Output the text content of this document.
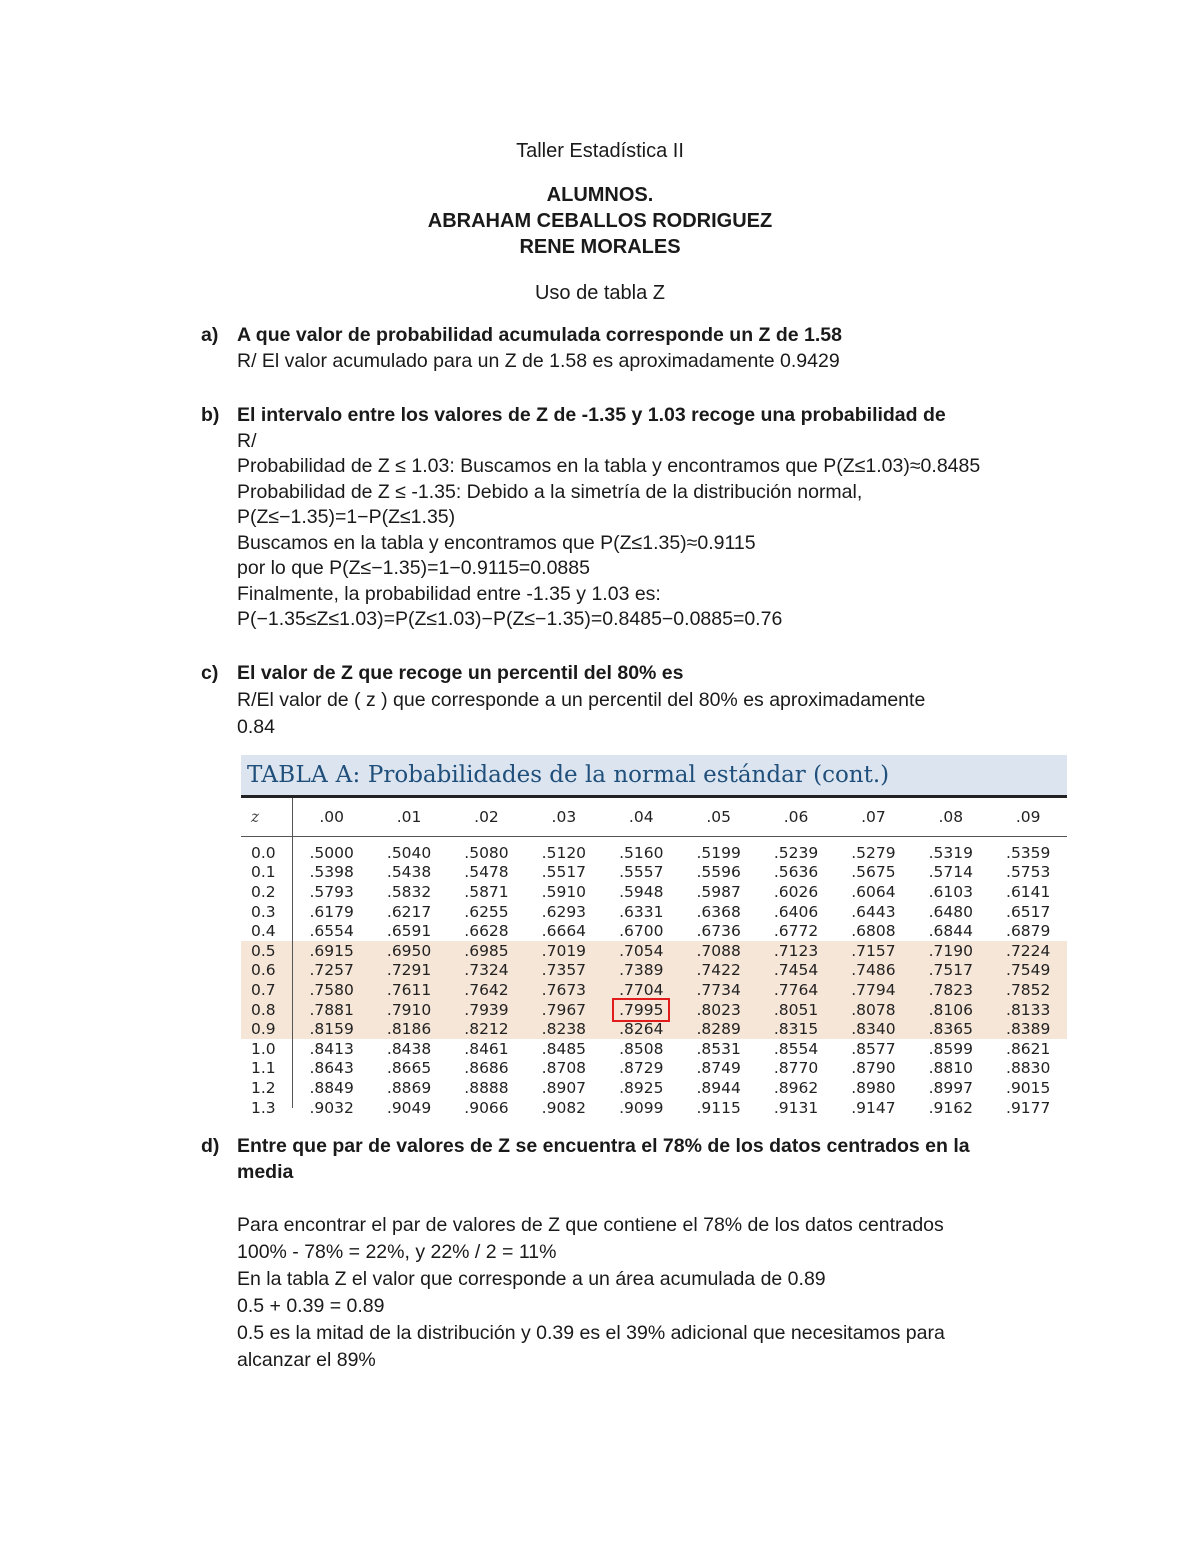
Taller Estadística II
ALUMNOS.
ABRAHAM CEBALLOS RODRIGUEZ
RENE MORALES
Uso de tabla Z
a) A que valor de probabilidad acumulada corresponde un Z de 1.58
R/ El valor acumulado para un Z de 1.58 es aproximadamente 0.9429
b) El intervalo entre los valores de Z de -1.35 y 1.03 recoge una probabilidad de
R/
Probabilidad de Z ≤ 1.03: Buscamos en la tabla y encontramos que P(Z≤1.03)≈0.8485
Probabilidad de Z ≤ -1.35: Debido a la simetría de la distribución normal,
P(Z≤−1.35)=1−P(Z≤1.35)
Buscamos en la tabla y encontramos que P(Z≤1.35)≈0.9115
por lo que P(Z≤−1.35)=1−0.9115=0.0885
Finalmente, la probabilidad entre -1.35 y 1.03 es:
P(−1.35≤Z≤1.03)=P(Z≤1.03)−P(Z≤−1.35)=0.8485−0.0885=0.76
c) El valor de Z que recoge un percentil del 80% es
R/El valor de ( z ) que corresponde a un percentil del 80% es aproximadamente
0.84
TABLA A: Probabilidades de la normal estándar (cont.)
z	.00	.01	.02	.03	.04	.05	.06	.07	.08	.09
0.0	.5000	.5040	.5080	.5120	.5160	.5199	.5239	.5279	.5319	.5359
0.1	.5398	.5438	.5478	.5517	.5557	.5596	.5636	.5675	.5714	.5753
0.2	.5793	.5832	.5871	.5910	.5948	.5987	.6026	.6064	.6103	.6141
0.3	.6179	.6217	.6255	.6293	.6331	.6368	.6406	.6443	.6480	.6517
0.4	.6554	.6591	.6628	.6664	.6700	.6736	.6772	.6808	.6844	.6879
0.5	.6915	.6950	.6985	.7019	.7054	.7088	.7123	.7157	.7190	.7224
0.6	.7257	.7291	.7324	.7357	.7389	.7422	.7454	.7486	.7517	.7549
0.7	.7580	.7611	.7642	.7673	.7704	.7734	.7764	.7794	.7823	.7852
0.8	.7881	.7910	.7939	.7967	.7995	.8023	.8051	.8078	.8106	.8133
0.9	.8159	.8186	.8212	.8238	.8264	.8289	.8315	.8340	.8365	.8389
1.0	.8413	.8438	.8461	.8485	.8508	.8531	.8554	.8577	.8599	.8621
1.1	.8643	.8665	.8686	.8708	.8729	.8749	.8770	.8790	.8810	.8830
1.2	.8849	.8869	.8888	.8907	.8925	.8944	.8962	.8980	.8997	.9015
1.3	.9032	.9049	.9066	.9082	.9099	.9115	.9131	.9147	.9162	.9177
d) Entre que par de valores de Z se encuentra el 78% de los datos centrados en la media
Para encontrar el par de valores de Z que contiene el 78% de los datos centrados
100% - 78% = 22%, y 22% / 2 = 11%
En la tabla Z el valor que corresponde a un área acumulada de 0.89
0.5 + 0.39 = 0.89
0.5 es la mitad de la distribución y 0.39 es el 39% adicional que necesitamos para
alcanzar el 89%
